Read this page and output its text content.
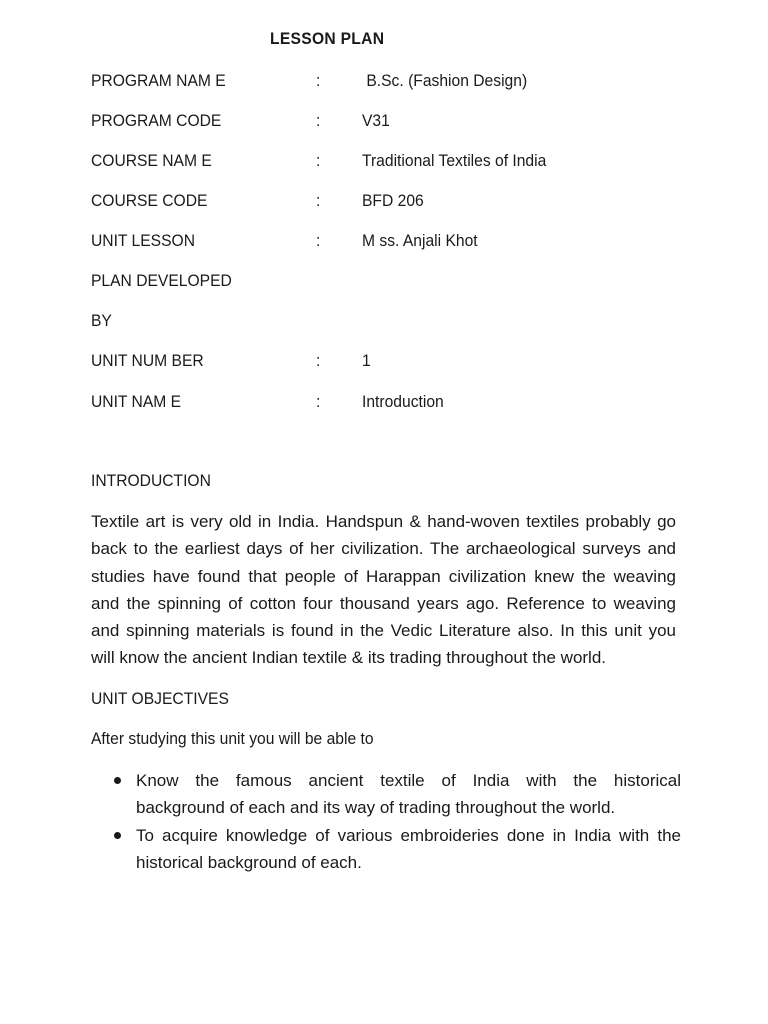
LESSON PLAN
PROGRAM NAM E	: B.Sc. (Fashion Design)
PROGRAM CODE	: V31
COURSE NAM E	: Traditional Textiles of India
COURSE CODE	: BFD 206
UNIT LESSON	: M ss. Anjali Khot
PLAN DEVELOPED
BY
UNIT NUM BER	: 1
UNIT NAM E	: Introduction
INTRODUCTION
Textile art is very old in India. Handspun & hand-woven textiles probably go
back to the earliest days of her civilization. The archaeological surveys and
studies have found that people of Harappan civilization knew the weaving
and the spinning of cotton four thousand years ago. Reference to weaving
and spinning materials is found in the Vedic Literature also. In this unit you
will know the ancient Indian textile & its trading throughout the world.
UNIT OBJECTIVES
After studying this unit you will be able to
Know the famous ancient textile of India with the historical
background of each and its way of trading throughout the world.
To acquire knowledge of various embroideries done in India with the
historical background of each.
